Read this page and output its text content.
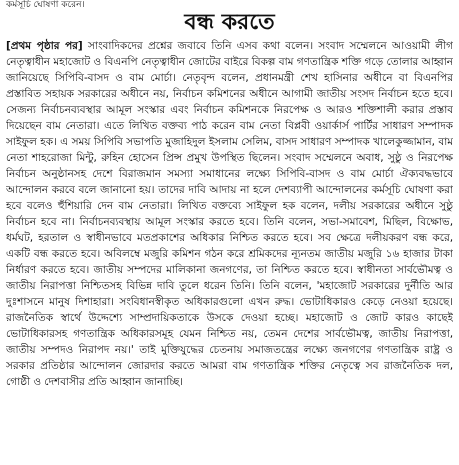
কর্মসূচি ঘোষণা করেন।
বন্ধ করতে
[প্রথম পৃষ্ঠার পর] সাংবাদিকদের প্রশ্নের জবাবে তিনি এসব কথা বলেন। সংবাদ সম্মেলনে আওয়ামী লীগ নেতৃত্বাধীন মহাজোট ও বিএনপি নেতৃত্বাধীন জোটের বাইরে বিকল্প বাম গণতান্ত্রিক শক্তি গড়ে তোলার আহ্বান জানিয়েছে সিপিবি-বাসদ ও বাম মোর্চা। নেতৃবৃন্দ বলেন, প্রধানমন্ত্রী শেখ হাসিনার অধীনে বা বিএনপির প্রস্তাবিত সহায়ক সরকারের অধীনে নয়, নির্বাচন কমিশনের অধীনে আগামী জাতীয় সংসদ নির্বাচন হতে হবে। সেজন্য নির্বাচনব্যবস্থার আমূল সংস্কার এবং নির্বাচন কমিশনকে নিরপেক্ষ ও আরও শক্তিশালী করার প্রস্তাব দিয়েছেন বাম নেতারা। এতে লিখিত বক্তব্য পাঠ করেন বাম নেতা বিপ্লবী ওয়ার্কার্স পার্টির সাধারণ সম্পাদক সাইফুল হক। এ সময় সিপিবি সভাপতি মুজাহিদুল ইসলাম সেলিম, বাসদ সাধারণ সম্পাদক খালেকুজ্জামান, বাম নেতা শাহরোজা মিন্টু, রুহিন হোসেন প্রিন্স প্রমুখ উপস্থিত ছিলেন। সংবাদ সম্মেলনে অবাধ, সুষ্ঠু ও নিরপেক্ষ নির্বাচন অনুষ্ঠানসহ দেশে বিরাজমান সমস্যা সমাধানের লক্ষ্যে সিপিবি-বাসদ ও বাম মোর্চা ঐক্যবদ্ধভাবে আন্দোলন করবে বলে জানানো হয়। তাদের দাবি আদায় না হলে দেশব্যাপী আন্দোলনের কর্মসূচি ঘোষণা করা হবে বলেও হুঁশিয়ারি দেন বাম নেতারা। লিখিত বক্তব্যে সাইফুল হক বলেন, দলীয় সরকারের অধীনে সুষ্ঠু নির্বাচন হবে না। নির্বাচনব্যবস্থায় আমূল সংস্কার করতে হবে। তিনি বলেন, সভা-সমাবেশ, মিছিল, বিক্ষোভ, ধর্মঘট, হরতাল ও স্বাধীনভাবে মতপ্রকাশের অধিকার নিশ্চিত করতে হবে। সব ক্ষেত্রে দলীয়করণ বন্ধ করে, একটি বন্ধ করতে হবে। অবিলম্বে মজুরি কমিশন গঠন করে শ্রমিকদের ন্যূনতম জাতীয় মজুরি ১৬ হাজার টাকা নির্ধারণ করতে হবে। জাতীয় সম্পদের মালিকানা জনগণের, তা নিশ্চিত করতে হবে। স্বাধীনতা সার্বভৌমত্ব ও জাতীয় নিরাপত্তা নিশ্চিতসহ বিভিন্ন দাবি তুলে ধরেন তিনি। তিনি বলেন, 'মহাজোট সরকারের দুর্নীতি আর দুঃশাসনে মানুষ দিশাহারা। সংবিধানস্বীকৃত অধিকারগুলো এখন রুদ্ধ। ভোটাধিকারও কেড়ে নেওয়া হয়েছে। রাজনৈতিক স্বার্থে উদ্দেশ্যে সাম্প্রদায়িকতাকে উসকে দেওয়া হচ্ছে। মহাজোট ও জোট কারও কাছেই ভোটাধিকারসহ গণতান্ত্রিক অধিকারসমূহ যেমন নিশ্চিত নয়, তেমন দেশের সার্বভৌমত্ব, জাতীয় নিরাপত্তা, জাতীয় সম্পদও নিরাপদ নয়।' তাই মুক্তিযুদ্ধের চেতনায় সমাজতন্ত্রের লক্ষ্যে জনগণের গণতান্ত্রিক রাষ্ট্র ও সরকার প্রতিষ্ঠার আন্দোলন জোরদার করতে আমরা বাম গণতান্ত্রিক শক্তির নেতৃত্বে সব রাজনৈতিক দল, গোষ্ঠী ও দেশবাসীর প্রতি আহ্বান জানাচ্ছি।
